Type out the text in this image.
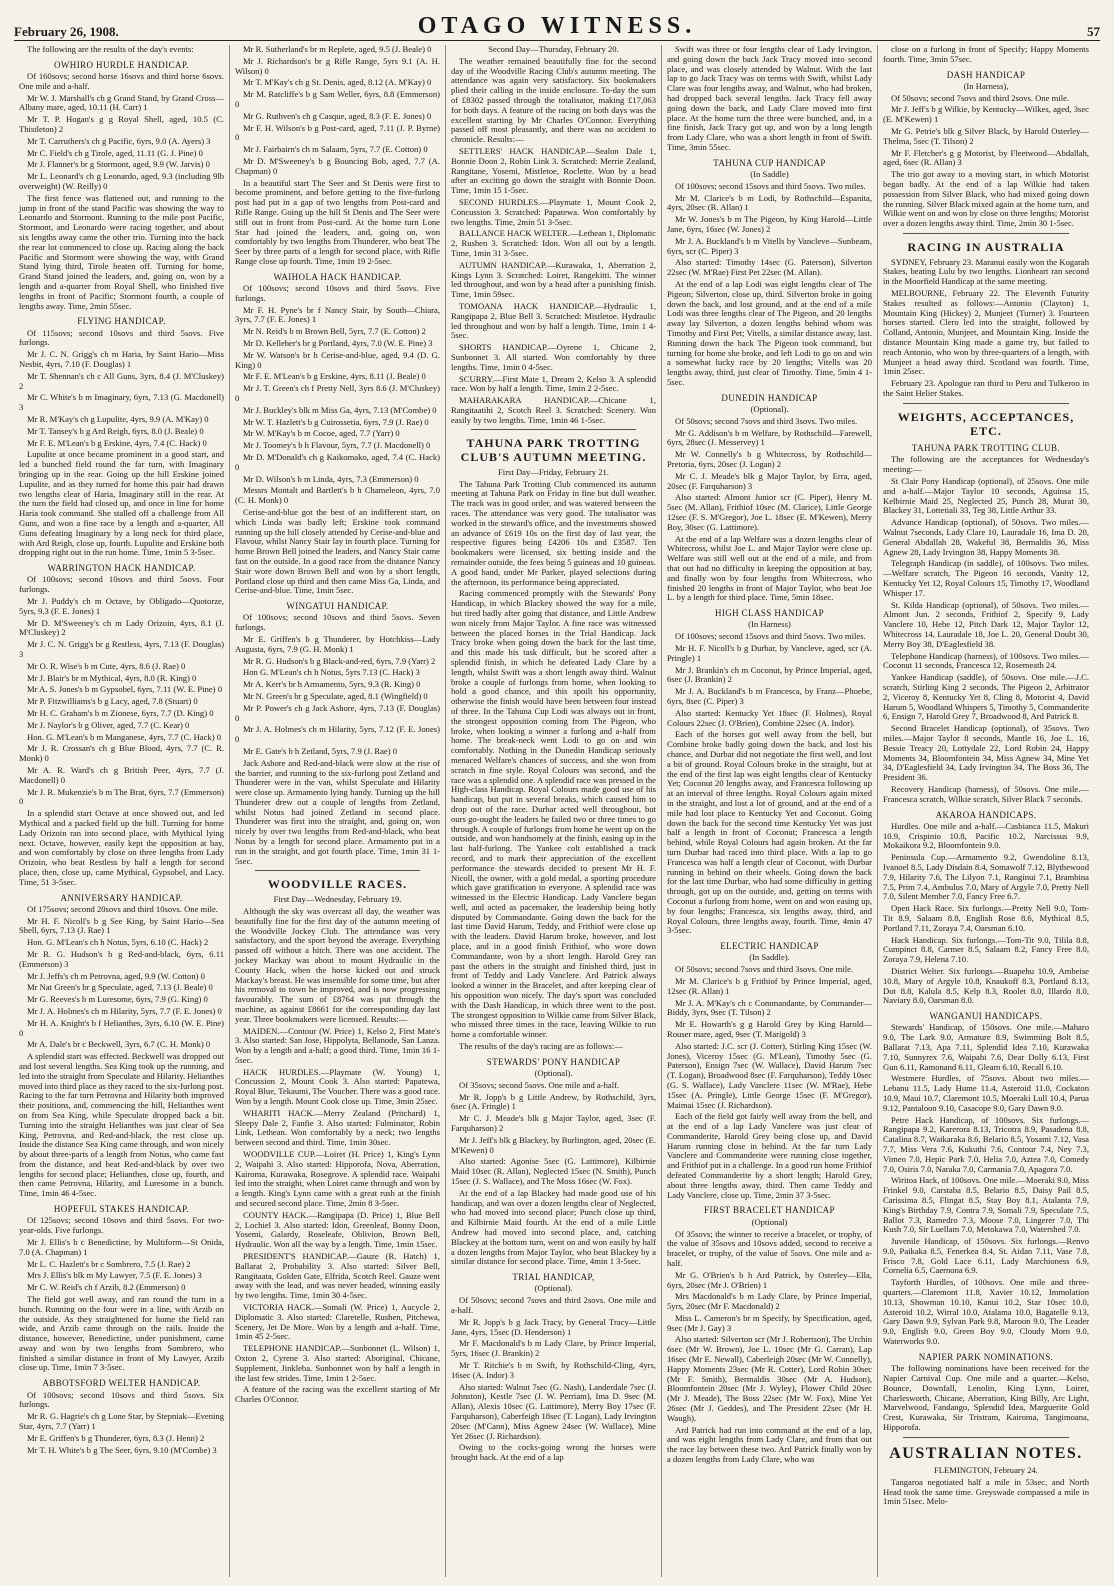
February 26, 1908.	OTAGO WITNESS.	57

The following are the results of the day's events:

OWHIRO HURDLE HANDICAP.

Of 160sovs; second horse 16sovs and third horse 6sovs. One mile and a-half.

Mr W. J. Marshall's ch g Grand Stand, by Grand Cross—Albany mare, aged, 10.11 (H. Carr) 1

Mr T. P. Hogan's g g Royal Shell, aged, 10.5 (C. Thistleton) 2

Mr T. Carruthers's ch g Pacific, 6yrs, 9.0 (A. Ayers) 3

Mr C. Field's ch g Tirole, aged, 11.11 (G. J. Pine) 0

Mr J. Flanner's br g Stormont, aged, 9.9 (W. Jarvis) 0

Mr L. Leonard's ch g Leonardo, aged, 9.3 (including 9lb overweight) (W. Reilly) 0

The first fence was flattened out, and running to the jump in front of the stand Pacific was showing the way to Leonardo and Stormont. Running to the mile post Pacific, Stormont, and Leonardo were racing together, and about six lengths away came the other trio. Turning into the back the rear lot commenced to close up. Racing along the back Pacific and Stormont were showing the way, with Grand Stand lying third, Tirole beaten off. Turning for home, Grand Stand joined the leaders, and, going on, won by a length and a-quarter from Royal Shell, who finished five lengths in front of Pacific; Stormont fourth, a couple of lengths away. Time, 2min 55sec.

FLYING HANDICAP.

Of 115sovs; second 10sovs and third 5sovs. Five furlongs.

Mr J. C. N. Grigg's ch m Haria, by Saint Hario—Miss Nesbit, 4yrs, 7.10 (F. Douglas) 1

Mr T. Shennan's ch c All Guns, 3yrs, 8.4 (J. M'Cluskey) 2

Mr C. White's b m Imaginary, 6yrs, 7.13 (G. Macdonell) 3

Mr R. M'Kay's ch g Lupulite, 4yrs, 9.9 (A. M'Kay) 0

Mr T. Tansey's b g Ard Reigh, 6yrs, 8.0 (J. Beale) 0

Mr F. E. M'Lean's b g Erskine, 4yrs, 7.4 (C. Hack) 0

Lupulite at once became prominent in a good start, and led a bunched field round the far turn, with Imaginary bringing up in the rear. Going up the hill Erskine joined Lupulite, and as they turned for home this pair had drawn two lengths clear of Haria, Imaginary still in the rear. At the turn the field had closed up, and once in line for home Haria took command. She stalled off a challenge from All Guns, and won a fine race by a length and a-quarter, All Guns defeating Imaginary by a long neck for third place, with Ard Reigh, close up, fourth. Lupulite and Erskine both dropping right out in the run home. Time, 1min 5 3-5sec.

WARRINGTON HACK HANDICAP.

Of 100sovs; second 10sovs and third 5sovs. Four furlongs.

Mr J. Puddy's ch m Octave, by Obligado—Quotorze, 5yrs, 9.3 (F. E. Jones) 1

Mr D. M'Sweeney's ch m Lady Orizoin, 4yrs, 8.1 (J. M'Cluskey) 2

Mr J. C. N. Grigg's br g Restless, 4yrs, 7.13 (F. Douglas) 3

Mr O. R. Wise's b m Cute, 4yrs, 8.6 (J. Rae) 0

Mr J. Blair's br m Mythical, 4yrs, 8.0 (R. King) 0

Mr A. S. Jones's b m Gypsobel, 6yrs, 7.11 (W. E. Pine) 0

Mr P. Fitzwilliams's b g Lacy, aged, 7.8 (Stuart) 0

Mr H. C. Graham's b m Zionese, 6yrs, 7.7 (D. King) 0

Mr J. Naylor's b g Oliver, aged, 7.7 (C. Kear) 0

Hon. G. M'Lean's b m Manganese, 4yrs, 7.7 (C. Hack) 0

Mr J. R. Crossan's ch g Blue Blood, 4yrs, 7.7 (C. R. Monk) 0

Mr A. R. Ward's ch g British Peer, 4yrs, 7.7 (J. Macdonell) 0

Mr J. R. Mukenzie's b m The Brat, 6yrs, 7.7 (Emmerson) 0

In a splendid start Octave at once showed out, and led Mythical and a packed field up the hill. Turning for home Lady Orizoin ran into second place, with Mythical lying next. Octave, however, easily kept the opposition at bay, and won comfortably by close on three lengths from Lady Orizoin, who beat Restless by half a length for second place, then, close up, came Mythical, Gypsobel, and Lacy. Time, 51 3-5sec.

ANNIVERSARY HANDICAP.

Of 175sovs; second 20sovs and third 10sovs. One mile.

Mr H. F. Nicoll's b g See King, by Saint Hario—Sea Shell, 6yrs, 7.13 (J. Rae) 1

Hon. G. M'Lean's ch h Notus, 5yrs, 6.10 (C. Hack) 2

Mr R. G. Hudson's b g Red-and-black, 6yrs, 6.11 (Emmerson) 3

Mr J. Jeffs's ch m Petrovna, aged, 9.9 (W. Cotton) 0

Mr Nat Green's br g Speculate, aged, 7.13 (J. Beale) 0

Mr G. Reeves's b m Luresome, 6yrs, 7.9 (G. King) 0

Mr J. A. Holmes's ch m Hilarity, 5yrs, 7.7 (F. E. Jones) 0

Mr H. A. Knight's b f Helianthes, 3yrs, 6.10 (W. E. Pine) 0

Mr A. Dale's br c Beckwell, 3yrs, 6.7 (C. H. Monk) 0

A splendid start was effected. Beckwell was dropped out and lost several lengths. Sea King took up the running, and led into the straight from Speculate and Hilarity. Helianthes moved into third place as they raced to the six-furlong post. Racing to the far turn Petrovna and Hilarity both improved their positions, and, commencing the hill, Helianthes went on from Sea King, while Speculate dropped back a bit. Turning into the straight Helianthes was just clear of Sea King, Petrovna, and Red-and-black, the rest close up. Inside the distance Sea King came through, and won nicely by about three-parts of a length from Notus, who came fast from the distance, and beat Red-and-black by over two lengths for second place; Helianthes, close up, fourth, and then came Petrovna, Hilarity, and Luresome in a bunch. Time, 1min 46 4-5sec.

HOPEFUL STAKES HANDICAP.

Of 125sovs; second 10sovs and third 5sovs. For two-year-olds. Five furlongs.

Mr J. Ellis's b c Benedictine, by Multiform—St Onida, 7.0 (A. Chapman) 1

Mr L. C. Hazlett's br c Sombrero, 7.5 (J. Rae) 2

Mrs J. Ellis's blk m My Lawyer, 7.5 (F. E. Jones) 3

Mr C. W. Reid's ch f Arzib, 8.2 (Emmerson) 0

The field got well away, and ran round the turn in a bunch. Running on the four were in a line, with Arzib on the outside. As they straightened for home the field ran wide, and Arzib came through on the rails. Inside the distance, however, Benedictine, under punishment, came away and won by two lengths from Sombrero, who finished a similar distance in front of My Lawyer, Arzib close up. Time, 1min 7 3-5sec.

ABBOTSFORD WELTER HANDICAP.

Of 100sovs; second 10sovs and third 5sovs. Six furlongs.

Mr R. G. Hagrie's ch g Lone Star, by Stepniak—Evening Star, 4yrs, 7.7 (Yarr) 1

Mr E. Griffen's b g Thunderer, 6yrs, 8.3 (J. Henn) 2

Mr T. H. White's b g The Seer, 6yrs, 9.10 (M'Combe) 3

Mr R. Sutherland's br m Replete, aged, 9.5 (J. Beale) 0

Mr J. Richardson's br g Rifle Range, 5yrs 9.1 (A. H. Wilson) 0

Mr T. M'Kay's ch g St. Denis, aged, 8.12 (A. M'Kay) 0

Mr M. Ratcliffe's b g Sam Weller, 6yrs, 8.8 (Emmerson) 0

Mr G. Ruthven's ch g Casque, aged, 8.3 (F. E. Jones) 0

Mr F. H. Wilson's b g Post-card, aged, 7.11 (J. P. Byrne) 0

Mr J. Fairbairn's ch m Salaam, 5yrs, 7.7 (E. Cotton) 0

Mr D. M'Sweeney's b g Bouncing Bob, aged, 7.7 (A. Chapman) 0

In a beautiful start The Seer and St Denis were first to become prominent, and before getting to the five-furlong post had put in a gap of two lengths from Post-card and Rifle Range. Going up the hill St Denis and The Seer were still out in front from Post-card. At the home turn Lone Star had joined the leaders, and, going on, won comfortably by two lengths from Thunderer, who beat The Seer by three parts of a length for second place, with Rifle Range close up fourth. Time, 1min 19 2-5sec.

WAIHOLA HACK HANDICAP.

Of 100sovs; second 10sovs and third 5sovs. Five furlongs.

Mr F. H. Pyne's br f Nancy Stair, by South—Chiara, 3yrs, 7.7 (F. E. Jones) 1

Mr N. Reid's b m Brown Bell, 5yrs, 7.7 (E. Cotton) 2

Mr D. Kelleher's br g Portland, 4yrs, 7.0 (W. E. Pine) 3

Mr W. Watson's br h Cerise-and-blue, aged, 9.4 (D. G. King) 0

Mr F. E. M'Lean's b g Erskine, 4yrs, 8.11 (J. Beale) 0

Mr J. T. Green's ch f Pretty Nell, 3yrs 8.6 (J. M'Cluskey) 0

Mr J. Buckley's blk m Miss Ga, 4yrs, 7.13 (M'Combe) 0

Mr W. T. Hazlett's b g Cuirossetia, 6yrs, 7.9 (J. Rae) 0

Mr W. M'Kay's b m Cocoe, aged, 7.7 (Yarr) 0

Mr J. Toomey's b h Flavour, 5yrs, 7.7 (J. Macdonell) 0

Mr D. M'Donald's ch g Kaikomako, aged, 7.4 (C. Hack) 0

Mr D. Wilson's b m Linda, 4yrs, 7.3 (Emmerson) 0

Messrs Montalt and Bartlett's b h Chameleon, 4yrs, 7.0 (C. H. Monk) 0

Cerise-and-blue got the best of an indifferent start, on which Linda was badly left; Erskine took command running up the hill closely attended by Cerise-and-blue and Flavour, whilst Nancy Stair lay in fourth place. Turning for home Brown Bell joined the leaders, and Nancy Stair came fast on the outside. In a good race from the distance Nancy Stair wore down Brown Bell and won by a short length, Portland close up third and then came Miss Ga, Linda, and Cerise-and-blue. Time, 1min 5sec.

WINGATUI HANDICAP.

Of 100sovs; second 10sovs and third 5sovs. Seven furlongs.

Mr E. Griffen's b g Thunderer, by Hotchkiss—Lady Augusta, 6yrs, 7.9 (G. H. Monk) 1

Mr R. G. Hudson's b g Black-and-red, 6yrs, 7.9 (Yarr) 2

Hon G. M'Lean's ch h Notus, 5yrs 7.13 (C. Hack) 3

Mr A. Kerr's br h Armamento, 5yrs, 9.3 (R. King) 0

Mr N. Green's br g Speculate, aged, 8.1 (Wingfield) 0

Mr P. Power's ch g Jack Ashore, 4yrs, 7.13 (F. Douglas) 0

Mr J. A. Holmes's ch m Hilarity, 5yrs, 7.12 (F. E. Jones) 0

Mr E. Gate's b h Zetland, 5yrs, 7.9 (J. Rae) 0

Jack Ashore and Red-and-black were slow at the rise of the barrier, and running to the six-furlong post Zetland and Thunderer were in the van, whilst Speculate and Hilarity were close up. Armamento lying handy. Turning up the hill Thunderer drew out a couple of lengths from Zetland, whilst Notus had joined Zetland in second place. Thunderer was first into the straight, and, going on, won nicely by over two lengths from Red-and-black, who beat Notus by a length for second place. Armamento put in a run in the straight, and got fourth place. Time, 1min 31 1-5sec.

WOODVILLE RACES.
First Day—Wednesday, February 19.

Although the sky was overcast all day, the weather was beautifully fine for the first day of the autumn meeting of the Woodville Jockey Club. The attendance was very satisfactory, and the sport beyond the average. Everything passed off without a hitch. There was one accident. The jockey Mackay was about to mount Hydraulic in the County Hack, when the horse kicked out and struck Mackay's breast. He was insensible for some time, but after his removal to town he improved, and is now progressing favourably. The sum of £8764 was put through the machine, as against £8661 for the corresponding day last year. Three bookmakers were licensed. Results:—

MAIDEN.—Contour (W. Price) 1, Kelso 2, First Mate's 3. Also started: San Jose, Hippolyta, Bellanode, San Lanza. Won by a length and a-half; a good third. Time, 1min 16 1-5sec.

HACK HURDLES.—Playmate (W. Young) 1, Concussion 2, Mount Cook 3. Also started: Papatewa, Royal Blue, Tekaumi, The Voucher. There was a good race. Won by a length. Mount Cook close up. Time, 3min 25sec.

WHARITI HACK.—Merry Zealand (Pritchard) 1, Sleepy Dale 2, Fanfie 3. Also started: Fulminator, Robin Link, Lethean. Won comfortably by a neck; two lengths between second and third. Time, 1min 30sec.

WOODVILLE CUP.—Loiret (H. Price) 1, King's Lynn 2, Waipahi 3. Also started: Hipporofa, Nova, Aberration, Kairoma, Kurawaka, Rosegrove. A splendid race. Waipahi led into the straight, when Loiret came through and won by a length. King's Lynn came with a great rush at the finish and secured second place. Time, 2min 8 3-5sec.

COUNTY HACK.—Rangipapa (D. Price) 1, Blue Bell 2, Lochiel 3. Also started: Idon, Greenleaf, Bonny Doon, Yosemi, Galardy, Roseleafe, Oblivion, Brown Bell, Hydraulic. Won all the way by a length. Time, 1min 15sec.

PRESIDENT'S HANDICAP.—Gauze (R. Hatch) 1, Ballarat 2, Probability 3. Also started: Silver Bell, Rangitaata, Golden Gate, Elfrida, Scotch Reel. Gauze went away with the lead, and was never headed, winning easily by two lengths. Time, 1min 30 4-5sec.

VICTORIA HACK.—Somali (W. Price) 1, Aucycle 2, Diplomatic 3. Also started: Claretelle, Rushen, Pitchewa, Scenery, Jet De More. Won by a length and a-half. Time, 1min 45 2-5sec.

TELEPHONE HANDICAP.—Sunbonnet (L. Wilson) 1, Oxton 2, Cyrene 3. Also started: Aboriginal, Chicane, Supplement, Jinkleba. Sunbonnet won by half a length in the last few strides. Time, 1min 1 2-5sec.

A feature of the racing was the excellent starting of Mr Charles O'Connor.

Second Day—Thursday, February 20.

The weather remained beautifully fine for the second day of the Woodville Racing Club's autumn meeting. The attendance was again very satisfactory. Six bookmakers plied their calling in the inside enclosure. To-day the sum of £8302 passed through the totalisator, making £17,063 for both days. A feature of the racing on both days was the excellent starting by Mr Charles O'Connor. Everything passed off most pleasantly, and there was no accident to chronicle. Results:—

SETTLERS' HACK HANDICAP.—Sealon Dale 1, Bonnie Doon 2, Robin Link 3. Scratched: Merrie Zealand, Rangitane, Yosemi, Mistletoe, Roclette. Won by a head after an exciting go down the straight with Bonnie Doon. Time, 1min 15 1-5sec.

SECOND HURDLES.—Playmate 1, Mount Cook 2, Concussion 3. Scratched: Papatewa. Won comfortably by two lengths. Time, 2min 51 3-5sec.

BALLANCE HACK WELTER.—Lethean 1, Diplomatic 2, Rushen 3. Scratched: Idon. Won all out by a length. Time, 1min 31 3-5sec.

AUTUMN HANDICAP.—Kurawaka, 1, Aberration 2, Kings Lynn 3. Scratched: Loiret, Rangekitti. The winner led throughout, and won by a head after a punishing finish. Time, 1min 59sec.

TOMOANA HACK HANDICAP.—Hydraulic 1, Rangipapa 2, Blue Bell 3. Scratched: Mistletoe. Hydraulic led throughout and won by half a length. Time, 1min 1 4-5sec.

SHORTS HANDICAP.—Oyrene 1, Chicane 2, Sunbonnet 3. All started. Won comfortably by three lengths. Time, 1min 0 4-5sec.

SCURRY.—First Mate 1, Dream 2, Kelso 3. A splendid race. Won by half a length. Time, 1min 2 2-5sec.

MAHARAKARA HANDICAP.—Chicane 1, Rangitaatihi 2, Scotch Reel 3. Scratched: Scenery. Won easily by two lengths. Time, 1min 46 1-5sec.

TAHUNA PARK TROTTING CLUB'S AUTUMN MEETING.
First Day—Friday, February 21.

The Tahuna Park Trotting Club commenced its autumn meeting at Tahuna Park on Friday in fine but dull weather. The track was in good order, and was watered between the races. The attendance was very good. The totalisator was worked in the steward's office, and the investments showed an advance of £619 10s on the first day of last year, the respective figures being £4206 10s and £3587. Ten bookmakers were licensed, six betting inside and the remainder outside, the fees being 5 guineas and 10 guineas. A good band, under Mr Parker, played selections during the afternoon, its performance being appreciated.

Racing commenced promptly with the Stewards' Pony Handicap, in which Blackey showed the way for a mile, but tired badly after going that distance, and Little Andrew won nicely from Major Taylor. A fine race was witnessed between the placed horses in the Trial Handicap. Jack Tracy broke when going down the back for the last time, and this made his task difficult, but he scored after a splendid finish, in which he defeated Lady Clare by a length, whilst Swift was a short length away third. Walnut broke a couple of furlongs from home, when looking to hold a good chance, and this spoilt his opportunity, otherwise the finish would have been between four instead of three. In the Tahuna Cup Lodi was always out in front, the strongest opposition coming from The Pigeon, who broke, when looking a winner a furlong and a-half from home. The break-neck went Lodi to go on and win comfortably. Nothing in the Dunedin Handicap seriously menaced Welfare's chances of success, and she won from scratch in fine style. Royal Colours was second, and the race was a splendid one. A splendid race was pressed in the High-class Handicap. Royal Colours made good use of his handicap, but put in several breaks, which caused him to drop out of the race. Durbar acted well throughout, but ours go-ought the leaders he failed two or three times to go through. A couple of furlongs from home he went up on the outside, and won handsomely at the finish, easing up in the last half-furlong. The Yankee colt established a track record, and to mark their appreciation of the excellent performance the stewards decided to present Mr H. F. Nicoll, the owner, with a gold medal, a sporting procedure which gave gratification to everyone. A splendid race was witnessed in the Electric Handicap. Lady Vanclere began well, and acted as pacemaker, the leadership being hotly disputed by Commandante. Going down the back for the last time David Harum, Teddy, and Frithiof were close up with the leaders. David Harum broke, however, and lost place, and in a good finish Frithiof, who wore down Commandante, won by a short length. Harold Grey ran past the others in the straight and finished third, just in front of Teddy and Lady Vanclere. Ard Patrick always looked a winner in the Bracelet, and after keeping clear of his opposition won nicely. The day's sport was concluded with the Dash Handicap, in which three went to the post. The strongest opposition to Wilkie came from Silver Black, who missed three times in the race, leaving Wilkie to run home a comfortable winner.

The results of the day's racing are as follows:—

STEWARDS' PONY HANDICAP
(Optional).

Of 35sovs; second 5sovs. One mile and a-half.

Mr R. Jopp's b g Little Andrew, by Rothschild, 3yrs, 6sec (A. Fringle) 1

Mr C. J. Meade's blk g Major Taylor, aged, 3sec (F. Farquharson) 2

Mr J. Jeff's blk g Blackey, by Burlington, aged, 20sec (E. M'Kewen) 0

Also started: Agonise 5sec (G. Lattimore), Kilbirnie Maid 10sec (R. Allan), Neglected 15sec (N. Smith), Punch 15sec (J. S. Wallace), and The Moss 16sec (W. Fox).

At the end of a lap Blackey had made good use of his handicap, and was over a dozen lengths clear of Neglected, who had moved into second place; Punch close up third, and Kilbirnie Maid fourth. At the end of a mile Little Andrew had moved into second place, and, catching Blackey at the bottom turn, went on and won easily by half a dozen lengths from Major Taylor, who beat Blackey by a similar distance for second place. Time, 4min 1 3-5sec.

TRIAL HANDICAP,
(Optional).

Of 50sovs; second 7sovs and third 2sovs. One mile and a-half.

Mr R. Jopp's b g Jack Tracy, by General Tracy—Little Jane, 4yrs, 15sec (D. Henderson) 1

Mr F. Macdonald's b m Lady Clare, by Prince Imperial, 5yrs, 16sec (J. Brankin) 2

Mr T. Ritchie's b m Swift, by Rothschild-Cling, 4yrs, 16sec (A. Indor) 3

Also started: Walnut 7sec (G. Nash), Landerdale 7sec (J. Johnston), Kestle 7sec (J. W. Perriam), Ima D. 9sec (M. Allan), Alexis 10sec (G. Lattimore), Merry Boy 17sec (F. Farquharson), Caberfeigh 18sec (T. Logan), Lady Irvington 20sec (M'Cann), Miss Agnew 24sec (W. Wallace), Mine Yet 26sec (J. Richardson).

Owing to the cocks-going wrong the horses were brought back. At the end of a lap

Swift was three or four lengths clear of Lady Irvington, and going down the back Jack Tracy moved into second place, and was closely attended by Walnut. With the last lap to go Jack Tracy was on terms with Swift, whilst Lady Clare was four lengths away, and Walnut, who had broken, had dropped back several lengths. Jack Tracy fell away going down the back, and Lady Clare moved into first place. At the home turn the three were bunched, and, in a fine finish, Jack Tracy got up, and won by a long length from Lady Clare, who was a short length in front of Swift. Time, 3min 55sec.

TAHUNA CUP HANDICAP
(In Saddle)

Of 100sovs; second 15sovs and third 5sovs. Two miles.

Mr M. Clarice's b m Lodi, by Rothschild—Espanita, 4yrs, 20sec (R. Allan) 1

Mr W. Jones's b m The Pigeon, by King Harold—Little Jane, 6yrs, 16sec (W. Jones) 2

Mr J. A. Buckland's b m Vitells by Vancleve—Sunbeam, 6yrs, scr (C. Piper) 3

Also started: Timothy 14sec (G. Paterson), Silverton 22sec (W. M'Rae) First Pet 22sec (M. Allan).

At the end of a lap Lodi was eight lengths clear of The Pigeon; Silverton, close up, third. Silverton broke in going down the back, and lost ground, and at the end of a mile Lodi was three lengths clear of The Pigeon, and 20 lengths away lay Silverton, a dozen lengths behind whom was Timothy and First Pet; Vitells, a similar distance away, last. Running down the back The Pigeon took command, but turning for home she broke, and left Lodi to go on and win a somewhat lucky race by 20 lengths; Vitells was 20 lengths away, third, just clear of Timothy. Time, 5min 4 1-5sec.

DUNEDIN HANDICAP
(Optional).

Of 50sovs; second 7sovs and third 3sovs. Two miles.

Mr G. Addison's b m Welfare, by Rothschild—Farewell, 6yrs, 28sec (J. Messervey) 1

Mr W. Connelly's b g Whitecross, by Rothschild—Pretoria, 6yrs, 20sec (J. Logan) 2

Mr C. J. Meade's blk g Major Taylor, by Erra, aged, 20sec (F. Farquharson) 3

Also started: Almont Junior scr (C. Piper), Henry M. 5sec (M. Allan), Frithiof 10sec (M. Clarice), Little George 12sec (F. S. M'Gregor), Joe L. 18sec (E. M'Kewen), Merry Boy, 30sec (G. Lattimore).

At the end of a lap Welfare was a dozen lengths clear of Whitecross, whilst Joe L. and Major Taylor were close up. Welfare was still well out at the end of a mile, and from that out had no difficulty in keeping the opposition at bay, and finally won by four lengths from Whitecross, who finished 20 lengths in front of Major Taylor, who beat Joe L. by a length for third place. Time, 5min 18sec.

HIGH CLASS HANDICAP
(In Harness)

Of 100sovs; second 15sovs and third 5sovs. Two miles.

Mr H. F. Nicoll's b g Durbar, by Vancleve, aged, scr (A. Pringle) 1

Mr J. Brankin's ch m Coconut, by Prince Imperial, aged, 6sec (J. Brankin) 2

Mr J. A. Buckland's b m Francesca, by Franz—Phoebe, 6yrs, 8sec (C. Piper) 3

Also started: Kentucky Yet 18sec (F. Holmes), Royal Colours 22sec (J. O'Brien), Combine 22sec (A. Indor).

Each of the horses got well away from the bell, but Combine broke badly going down the back, and lost his chance, and Durbar did not negotiate the first well, and lost a bit of ground. Royal Colours broke in the straight, but at the end of the first lap was eight lengths clear of Kentucky Yet; Coconut 20 lengths away, and Francesca following up at an interval of three lengths. Royal Colours again mixed in the straight, and lost a lot of ground, and at the end of a mile had lost place to Kentucky Yet and Coconut. Going down the back for the second time Kentucky Yet was just half a length in front of Coconut; Francesca a length behind, while Royal Colours had again broken. At the far turn Durbar had raced into third place. With a lap to go Francesca was half a length clear of Coconut, with Durbar running in behind on their wheels. Going down the back for the last time Durbar, who had some difficulty in getting through, got up on the outside, and, getting on terms with Coconut a furlong from home, went on and won easing up, by four lengths; Francesca, six lengths away, third, and Royal Colours, three lengths away, fourth. Time, 4min 47 3-5sec.

ELECTRIC HANDICAP
(In Saddle).

Of 50sovs; second 7sovs and third 3sovs. One mile.

Mr M. Clarice's b g Frithiof by Prince Imperial, aged, 12sec (R. Allan) 1

Mr J. A. M'Kay's ch c Commandante, by Commander—Biddy, 3yrs, 9sec (T. Tilson) 2

Mr E. Howarth's g g Harold Grey by King Harold—Rouser mare, aged, 9sec (T. Marigold) 3

Also started: J.C. scr (J. Cotter), Stirling King 15sec (W. Jones), Viceroy 15sec (G. M'Lean), Timothy 5sec (G. Paterson), Ensign 7sec (W. Wallace), David Harum 7sec (T. Logan), Broadwood 8sec (F. Farquharson), Teddy 10sec (G. S. Wallace), Lady Vanclere 11sec (W. M'Rae), Hebe 15sec (A. Pringle), Little George 15sec (F. M'Gregor), Maimai 15sec (J. Richardson).

Each of the field got fairly well away from the bell, and at the end of a lap Lady Vanclere was just clear of Commanderite, Harold Grey being close up, and David Harum running close in behind. At the far turn Lady Vanclere and Commanderite were running close together, and Frithiof put in a challenge. In a good run home Frithiof defeated Commanderite by a short length; Harold Grey, about three lengths away, third. Then came Teddy and Lady Vanclere, close up. Time, 2min 37 3-5sec.

FIRST BRACELET HANDICAP
(Optional)

Of 35sovs; the winner to receive a bracelet, or trophy, of the value of 35sovs and 10sovs added, second to receive a bracelet, or trophy, of the value of 5sovs. One mile and a-half.

Mr G. O'Brien's b h Ard Patrick, by Osterley—Ella, 6yrs, 20sec (Mr J. O'Brien) 1

Mrs Macdonald's b m Lady Clare, by Prince Imperial, 5yrs, 20sec (Mr F. Macdonald) 2

Miss L. Cameron's br m Specify, by Specification, aged, 9sec (Mr J. Gay) 3

Also started: Silverton scr (Mr J. Robertson), The Urchin 6sec (Mr W. Brown), Joe L. 10sec (Mr G. Carran), Lap 16sec (Mr E. Newall), Caberleigh 20sec (Mr W. Connelly), Happy Moments 23sec (Mr R. Cotter), Lord Robin 30sec (Mr F. Smith), Bermaldis 30sec (Mr A. Hudson), Bloomfontein 20sec (Mr J. Wyley), Flower Child 20sec (Mr J. Meade), The Boss 22sec (Mr W. Fox), Mine Yet 26sec (Mr J. Geddes), and The President 22sec (Mr H. Waugh).

Ard Patrick had run into command at the end of a lap, and was eight lengths from Lady Clare, and from that out the race lay between these two. Ard Patrick finally won by a dozen lengths from Lady Clare, who was

close on a furlong in front of Specify; Happy Moments fourth. Time, 3min 57sec.

DASH HANDICAP
(In Harness),

Of 50sovs; second 7sovs and third 2sovs. One mile.

Mr J. Jeff's b g Wilkie, by Kentucky—Wilkes, aged, 3sec (E. M'Kewen) 1

Mr G. Petrie's blk g Silver Black, by Harold Osterley—Thelma, 5sec (T. Tilson) 2

Mr F. Fletcher's g g Motorist, by Fleetwood—Abdallah, aged, 6sec (R. Allan) 3

The trio got away to a moving start, in which Motorist began badly. At the end of a lap Wilkie had taken possession from Silver Black, who had mixed going down the running. Silver Black mixed again at the home turn, and Wilkie went on and won by close on three lengths; Motorist over a dozen lengths away third. Time, 2min 30 1-5sec.

RACING IN AUSTRALIA

SYDNEY, February 23. Maranui easily won the Kogarah Stakes, beating Lulu by two lengths. Lionheart ran second in the Moorfield Handicap at the same meeting.

MELBOURNE, February 22. The Eleventh Futurity Stakes resulted as follows:—Antonio (Clayton) 1, Mountain King (Hickey) 2, Munjeet (Turner) 3. Fourteen horses started. Clero led into the straight, followed by Colland, Antonio, Munjeet, and Mountain King. Inside the distance Mountain King made a game try, but failed to reach Antonio, who won by three-quarters of a length, with Munjeet a head away third. Scotland was fourth. Time, 1min 25sec.

February 23. Apologue ran third to Peru and Tulkeroo in the Saint Helier Stakes.

WEIGHTS, ACCEPTANCES, ETC.
TAHUNA PARK TROTTING CLUB.

The following are the acceptances for Wednesday's meeting:—

St Clair Pony Handicap (optional), of 25sovs. One mile and a-half.—Major Taylor 10 seconds, Aguinsa 15, Kelbirnie Maid 25, Neglected 25, Punch 28, Murat 30, Blackey 31, Lottetiali 33, Teg 38, Little Arthur 33.

Advance Handicap (optional), of 50sovs. Two miles.—Walnut 7seconds, Lady Clare 10, Lauradale 16, Ima D. 20, General Abdallah 28, Wakeful 38, Bermaldis 36, Miss Agnew 28, Lady Irvington 38, Happy Moments 38.

Telegraph Handicap (in saddle), of 100sovs. Two miles.—Welfare scratch, The Pigeon 16 seconds, Vanity 12, Kentucky Yet 12, Royal Colours 15, Timothy 17, Woodland Whisper 17.

St. Kilda Handicap (optional), of 50sovs. Two miles.—Almont Jun. 2 seconds, Frithiof 2, Specify 9, Lady Vanclere 10, Hebe 12, Pitch Dark 12, Major Taylor 12, Whitecross 14, Lauradale 18, Joe L. 20, General Doubt 30, Merry Boy 38, D'Eaglesfield 38.

Telephone Handicap (harness), of 100sovs. Two miles.—Coconut 11 seconds, Francesca 12, Rosemeath 24.

Yankee Handicap (saddle), of 50sovs. One mile.—J.C. scratch, Stirling King 2 seconds, The Pigeon 2, Arbitrator 2, Viceroy 8, Kentucky Yet 8, Cling 8, Motorist 4, David Harum 5, Woodland Whispers 5, Timothy 5, Commanderite 6, Ensign 7, Harold Grey 7, Broadwood 8, Ard Patrick 8.

Second Bracelet Handicap (optional), of 35sovs. Two miles.—Major Taylor 8 seconds, Mantle 16, Joe L. 16, Bessie Treacy 20, Lottydale 22, Lord Robin 24, Happy Moments 34, Bloomfontein 34, Miss Agnew 34, Mine Yet 34, D'Eaglesfield 34, Lady Irvington 34, The Boss 36, The President 36.

Recovery Handicap (harness), of 50sovs. One mile.—Francesca scratch, Wilkie scratch, Silver Black 7 seconds.

AKAROA HANDICAPS.

Hurdles. One mile and a-half.—Casbianca 11.5, Makuri 10.9, Crispinio 10.8, Pacific 10.2, Narcissus 9.9, Mokaikora 9.2, Bloomfontein 9.0.

Peninsula Cup.—Armamento 9.2, Gwendoline 8.13, Ivanoel 8.5, Lady Disdain 8.4, Somawolf 7.12, Blythewood 7.9, Hilarity 7.6, The Lilyon 7.1, Ranginui 7.1, Brambina 7.5, Prim 7.4, Ambulus 7.0, Mary of Argyle 7.0, Pretty Nell 7.0, Silent Member 7.0, Fancy Free 6.7.

Open Hack Race. Six furlongs.—Pretty Nell 9.0, Tom-Tit 8.9, Salaam 8.8, English Rose 8.6, Mythical 8.5, Portland 7.11, Zoraya 7.4, Oarsman 6.10.

Hack Handicap. Six furlongs.—Tom-Tit 9.0, Tilila 8.8, Cumpinct 8.8, Carmer 8.5, Salaam 8.2, Fancy Free 8.0, Zoraya 7.9, Helena 7.10.

District Welter. Six furlongs.—Ruapehu 10.9, Ambeise 10.8, Mary of Argyle 10.8, Knaukoff 8.3, Portland 8.13, Dot 8.8, Kalula 8.5, Kelp 8.3, Roolet 8.0, Illardo 8.0, Naviary 8.0, Oarsman 8.0.

WANGANUI HANDICAPS.

Stewards' Handicap, of 150sovs. One mile.—Maharo 9.0, The Lark 9.0, Armature 8.9, Swimming Bolt 8.5, Ballarat 7.13, Apa 7.11, Splendid Idea 7.10, Kurawaka 7.10, Sunnyrex 7.6, Waipahi 7.6, Dear Dolly 6.13, First Gun 6.11, Ramonand 6.11, Gleam 6.10, Recall 6.10.

Westmere Hurdles, of 75sovs. About two miles.—Lebanu 11.5, Lady Hume 11.4, Asteroid 11.0, Cockaton 10.9, Maui 10.7, Claremont 10.5, Moeraki Lull 10.4, Parua 9.12, Pantaloon 9.10, Casacope 9.0, Gary Dawn 9.0.

Petre Hack Handicap, of 100sovs. Six furlongs.—Rangipapa 9.2, Karerora 8.13, Tricotra 8.9, Pasadena 8.8, Catalina 8.7, Waikaraka 8.6, Belario 8.5, Yosami 7.12, Vasa 7.7, Miss Vera 7.6, Kukuthi 7.6, Contour 7.4, Ney 7.3, Vimeo 7.0, Hepic Park 7.0, Helia 7.0, Aztea 7.0, Comedy 7.0, Osiris 7.0, Naraka 7.0, Carmania 7.0, Apagora 7.0.

Wiritoa Hack, of 100sovs. One mile.—Moeraki 9.0, Miss Frinkel 9.0, Carstaba 8.5, Belario 8.5, Daisy Pail 8.5, Carissima 8.5, Flingat 8.5, Stay Boy 8.1, Atalanta 7.9, King's Birthday 7.9, Contra 7.9, Somali 7.9, Speculate 7.5, Ballot 7.3, Ramedro 7.3, Moose 7.0, Lingerer 7.0, Thi Kush 7.0, Sir Luellam 7.0, Metokawa 7.0, Watershed 7.0.

Juvenile Handicap, of 150sovs. Six furlongs.—Renvo 9.0, Paikaka 8.5, Fenerkea 8.4, St. Aidan 7.11, Vase 7.8, Frisco 7.8, Gold Lace 6.11, Lady Marchioness 6.9, Cornelia 6.5, Caernona 6.9.

Tayforth Hurdles, of 100sovs. One mile and three-quarters.—Claremont 11.8, Xavier 10.12, Immolation 10.13, Showman 10.10, Kanui 10.2, Star 10sec 10.0, Asteroid 10.2, Wirral 10.0, Atalama 10.0, Bagatelle 9.13, Gary Dawn 9.9, Sylvan Park 9.8, Maroon 9.0, The Leader 9.0, English 9.0, Green Boy 9.0, Cloudy Morn 9.0, Waterworks 9.0.

NAPIER PARK NOMINATIONS.

The following nominations have been received for the Napier Carnival Cup. One mile and a quarter.—Kelso, Bounce, Downfall, Lenolin, King Lynn, Loiret, Charlesworth, Chicane, Aberration, King Billy, Arc Light, Marvelwood, Fandango, Splendid Idea, Marguerite Gold Crest, Kurawaka, Sir Tristram, Kairoma, Tangimoana, Hipporofa.

AUSTRALIAN NOTES.
FLEMINGTON, February 24.

Tangaroa negotiated half a mile in 53sec, and North Head took the same time. Greyswade compassed a mile in 1min 51sec. Melo-
